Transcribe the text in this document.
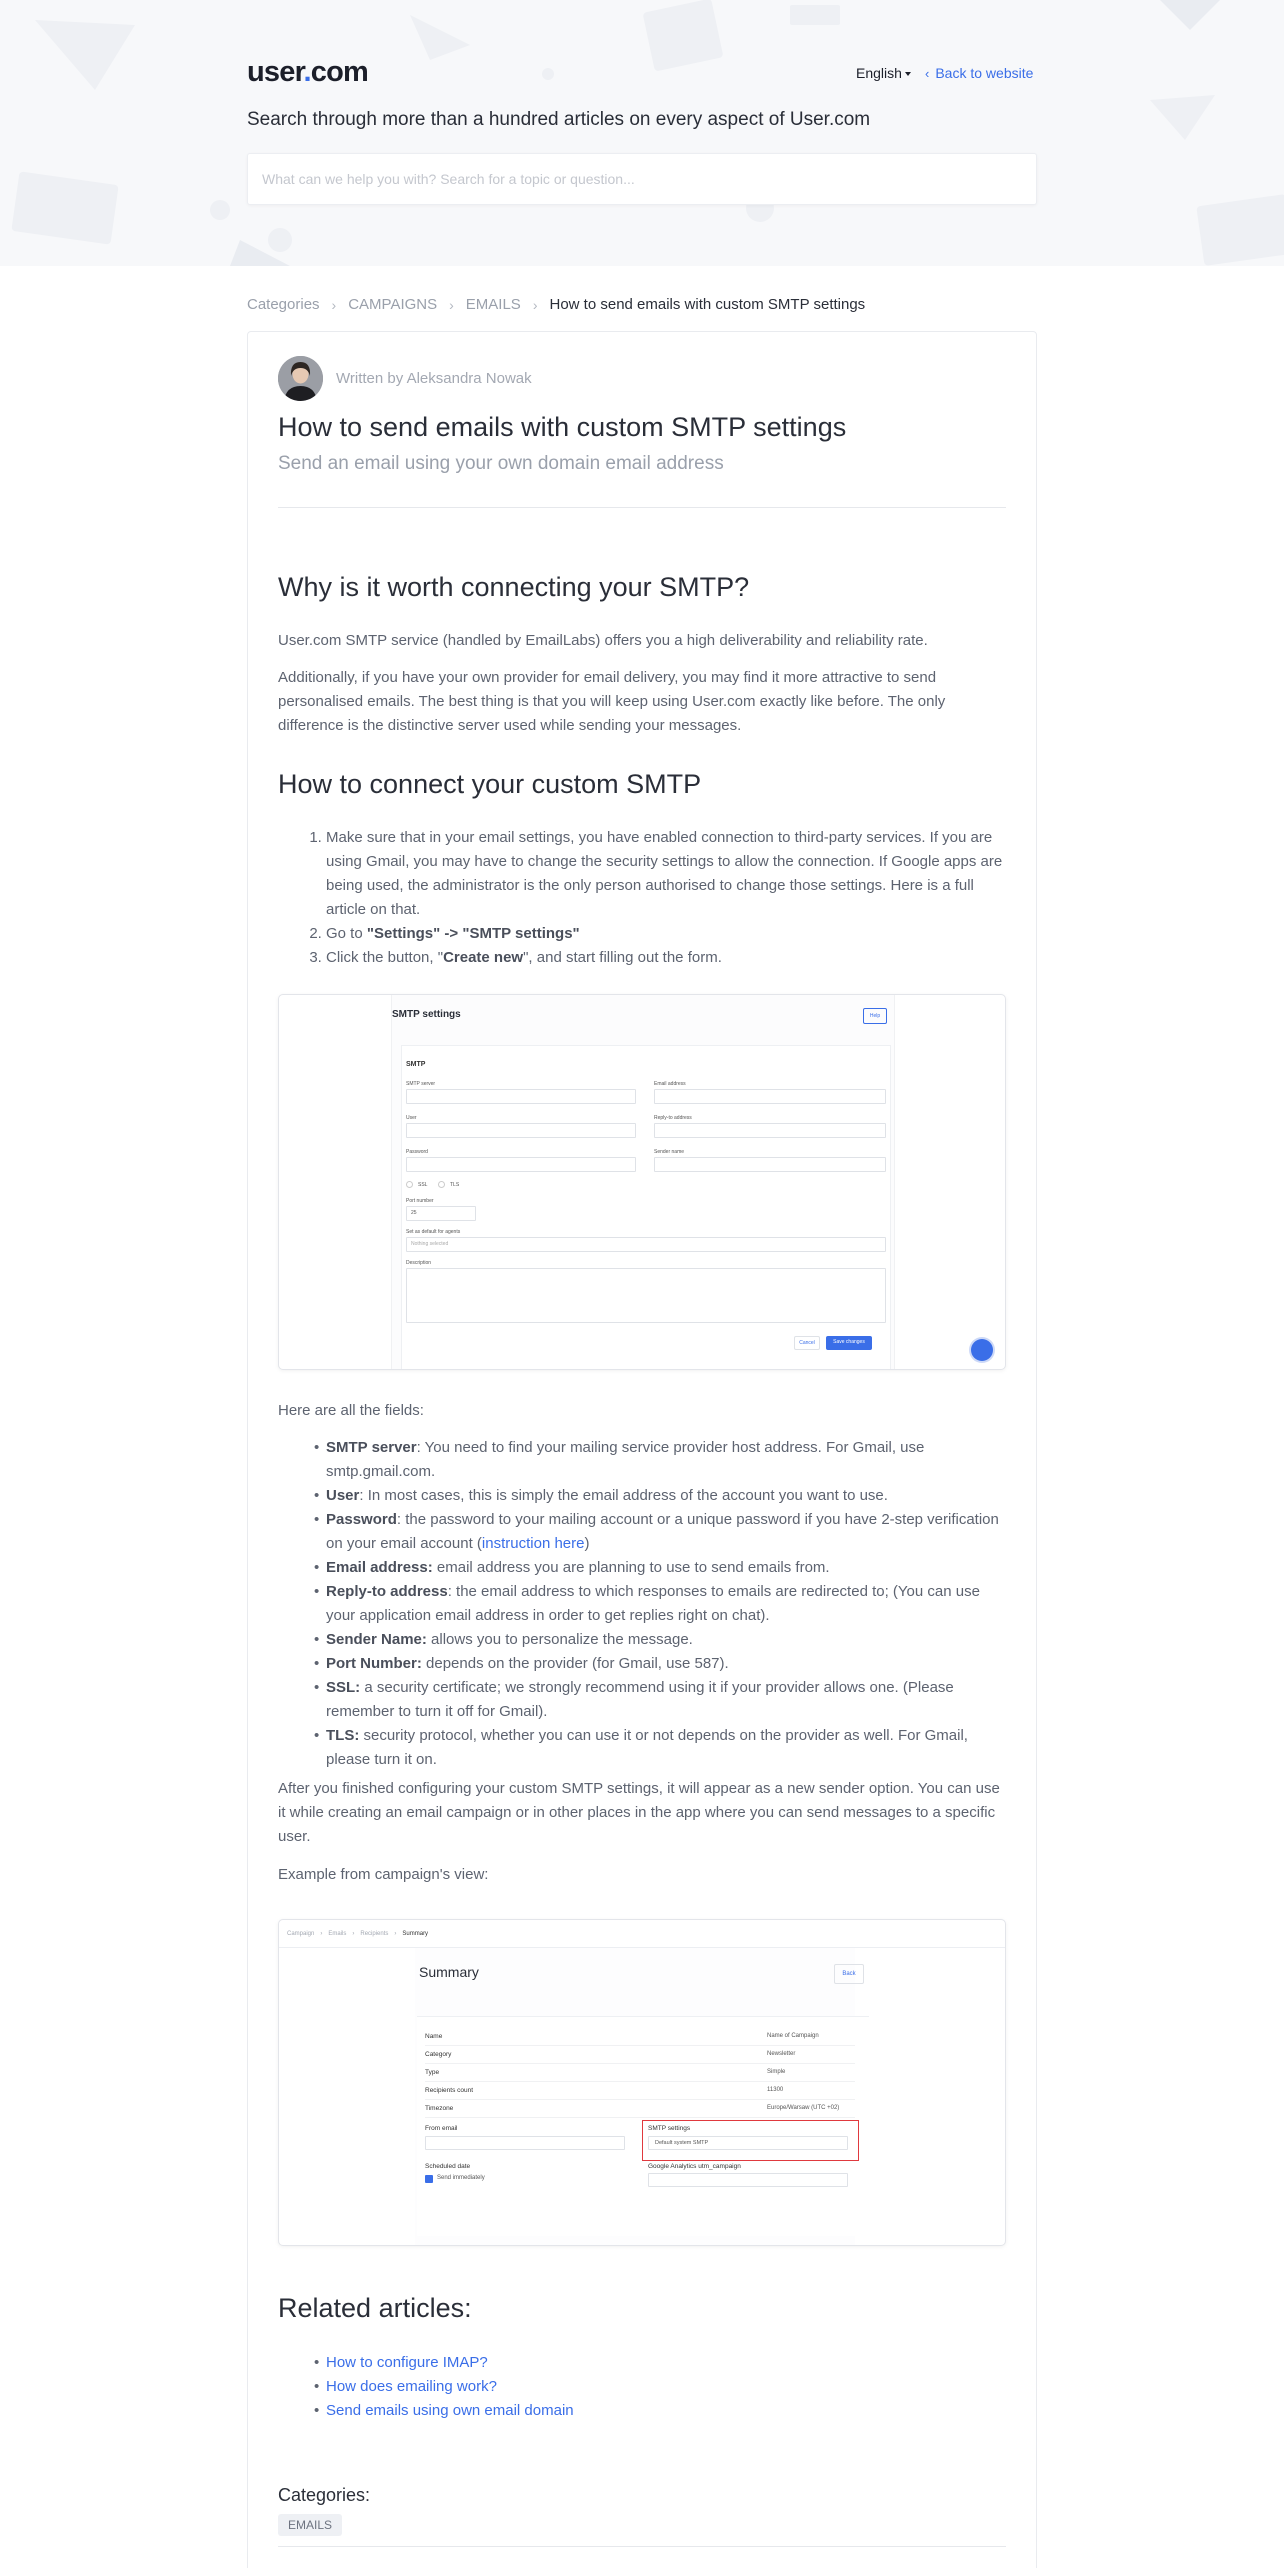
user.com	English	‹ Back to website
Search through more than a hundred articles on every aspect of User.com
What can we help you with? Search for a topic or question...
Categories › CAMPAIGNS › EMAILS › How to send emails with custom SMTP settings
Written by Aleksandra Nowak
How to send emails with custom SMTP settings
Send an email using your own domain email address
Why is it worth connecting your SMTP?

User.com SMTP service (handled by EmailLabs) offers you a high deliverability and reliability rate.

Additionally, if you have your own provider for email delivery, you may find it more attractive to send personalised emails. The best thing is that you will keep using User.com exactly like before. The only difference is the distinctive server used while sending your messages.

How to connect your custom SMTP
1. Make sure that in your email settings, you have enabled connection to third-party services. If you are using Gmail, you may have to change the security settings to allow the connection. If Google apps are being used, the administrator is the only person authorised to change those settings. Here is a full article on that.
2. Go to "Settings" -> "SMTP settings"
3. Click the button, "Create new", and start filling out the form.
SMTP settings	Help
SMTP
SMTP server	Email address
User	Reply-to address
Password	Sender name
SSL	TLS
Port number
25
Set as default for agents
Nothing selected
Description
Cancel	Save changes

Here are all the fields:

• SMTP server: You need to find your mailing service provider host address. For Gmail, use smtp.gmail.com.
• User: In most cases, this is simply the email address of the account you want to use.
• Password: the password to your mailing account or a unique password if you have 2-step verification on your email account (instruction here)
• Email address: email address you are planning to use to send emails from.
• Reply-to address: the email address to which responses to emails are redirected to; (You can use your application email address in order to get replies right on chat).
• Sender Name: allows you to personalize the message.
• Port Number: depends on the provider (for Gmail, use 587).
• SSL: a security certificate; we strongly recommend using it if your provider allows one. (Please remember to turn it off for Gmail).
• TLS: security protocol, whether you can use it or not depends on the provider as well. For Gmail, please turn it on.

After you finished configuring your custom SMTP settings, it will appear as a new sender option. You can use it while creating an email campaign or in other places in the app where you can send messages to a specific user.

Example from campaign's view:

Campaign › Emails › Recipients › Summary
Summary	Back
Name	Name of Campaign
Category	Newsletter
Type	Simple
Recipients count	11300
Timezone	Europe/Warsaw (UTC +02)
From email	SMTP settings
Default system SMTP
Scheduled date
Send immediately
Google Analytics utm_campaign
Related articles:
• How to configure IMAP?
• How does emailing work?
• Send emails using own email domain
Categories:
EMAILS
